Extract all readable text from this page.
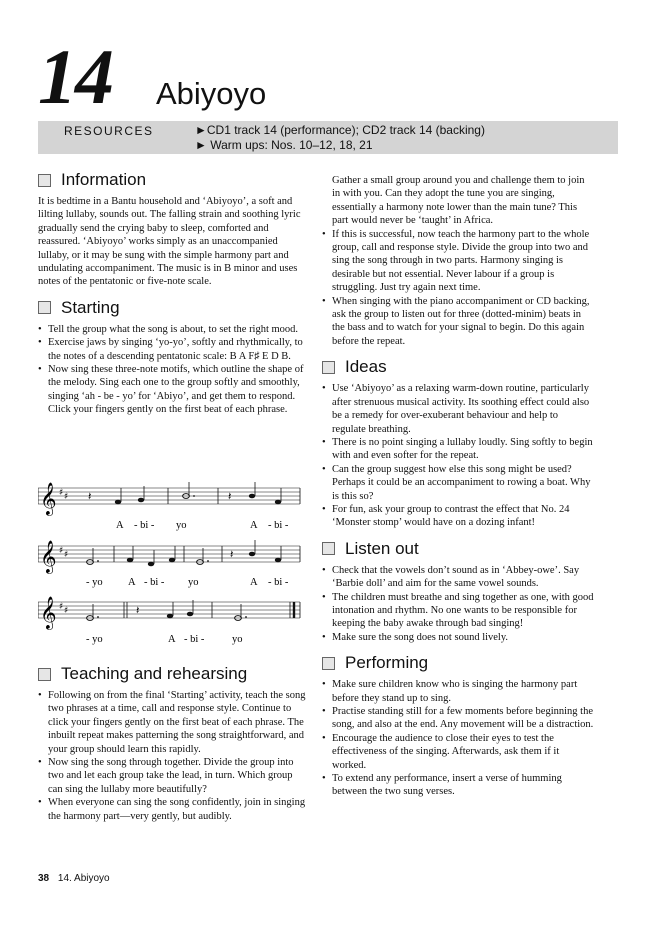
14 Abiyoyo
RESOURCES	►CD1 track 14 (performance); CD2 track 14 (backing)
► Warm ups: Nos. 10–12, 18, 21
Information

It is bedtime in a Bantu household and ‘Abiyoyo’, a soft and lilting lullaby, sounds out. The falling strain and soothing lyric gradually send the crying baby to sleep, comforted and reassured. ‘Abiyoyo’ works simply as an unaccompanied lullaby, or it may be sung with the simple harmony part and undulating accompaniment. The music is in B minor and uses notes of the pentatonic or five-note scale.

Starting
• Tell the group what the song is about, to set the right mood.
• Exercise jaws by singing ‘yo-yo’, softly and rhythmically, to the notes of a descending pentatonic scale: B A F♯ E D B.
• Now sing these three-note motifs, which outline the shape of the melody. Sing each one to the group softly and smoothly, singing ‘ah - be - yo’ for ‘Abiyo’, and get them to respond. Click your fingers gently on the first beat of each phrase.
♯ ♯
𝄽	𝄽
A - bi - yo	A - bi -
𝄽
- yo A - bi - yo	A - bi -
𝄽
- yo	A - bi -	yo
Teaching and rehearsing
• Following on from the final ‘Starting’ activity, teach the song two phrases at a time, call and response style. Continue to click your fingers gently on the first beat of each phrase. The inbuilt repeat makes patterning the song straightforward, and your group should learn this rapidly.
• Now sing the song through together. Divide the group into two and let each group take the lead, in turn. Which group can sing the lullaby more beautifully?
• When everyone can sing the song confidently, join in singing the harmony part—very gently, but audibly.

Gather a small group around you and challenge them to join in with you. Can they adopt the tune you are singing, essentially a harmony note lower than the main tune? This part would never be ‘taught’ in Africa.

• If this is successful, now teach the harmony part to the whole group, call and response style. Divide the group into two and sing the song through in two parts. Harmony singing is desirable but not essential. Never labour if a group is struggling. Just try again next time.
• When singing with the piano accompaniment or CD backing, ask the group to listen out for three (dotted-minim) beats in the bass and to watch for your signal to begin. Do this again before the repeat.
Ideas
• Use ‘Abiyoyo’ as a relaxing warm-down routine, particularly after strenuous musical activity. Its soothing effect could also be a remedy for over-exuberant behaviour and help to regulate breathing.
• There is no point singing a lullaby loudly. Sing softly to begin with and even softer for the repeat.
• Can the group suggest how else this song might be used? Perhaps it could be an accompaniment to rowing a boat. Why is this so?
• For fun, ask your group to contrast the effect that No. 24 ‘Monster stomp’ would have on a dozing infant!
Listen out
• Check that the vowels don’t sound as in ‘Abbey-owe’. Say ‘Barbie doll’ and aim for the same vowel sounds.
• The children must breathe and sing together as one, with good intonation and rhythm. No one wants to be responsible for keeping the baby awake through bad singing!
• Make sure the song does not sound lively.
Performing
• Make sure children know who is singing the harmony part before they stand up to sing.
• Practise standing still for a few moments before beginning the song, and also at the end. Any movement will be a distraction.
• Encourage the audience to close their eyes to test the effectiveness of the singing. Afterwards, ask them if it worked.
• To extend any performance, insert a verse of humming between the two sung verses.
38 14. Abiyoyo
